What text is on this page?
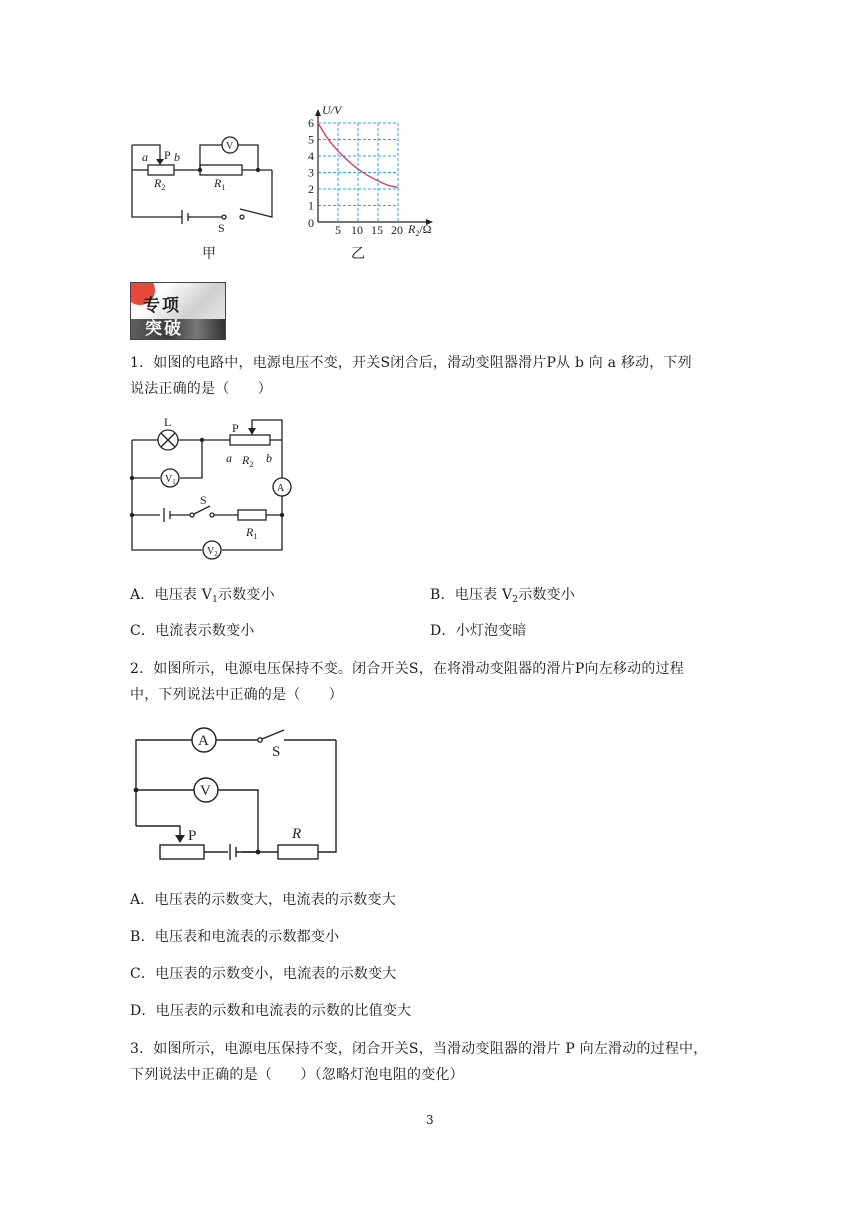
a P b
$R_2$	$R_1$
V
S
甲
5 10 15 20
1
2
3
4
5
6
U/V
0	$R_2/\Omega$
乙
专项
突破
1．如图的电路中，电源电压不变，开关S闭合后，滑动变阻器滑片P从 b 向 a 移动，下列
说法正确的是（　　）
L	P
a $R_2$ b
$V_1$
A
S
$R_1$
$V_2$
A．电压表 $V_1$示数变小	B．电压表 $V_2$示数变小
C．电流表示数变小	D．小灯泡变暗
2．如图所示，电源电压保持不变。闭合开关S，在将滑动变阻器的滑片P向左移动的过程
中，下列说法中正确的是（　　）
A
S
V
P	R
A．电压表的示数变大，电流表的示数变大
B．电压表和电流表的示数都变小
C．电压表的示数变小，电流表的示数变大
D．电压表的示数和电流表的示数的比值变大
3．如图所示，电源电压保持不变，闭合开关S，当滑动变阻器的滑片 P 向左滑动的过程中，
下列说法中正确的是（　　）（忽略灯泡电阻的变化）
3
